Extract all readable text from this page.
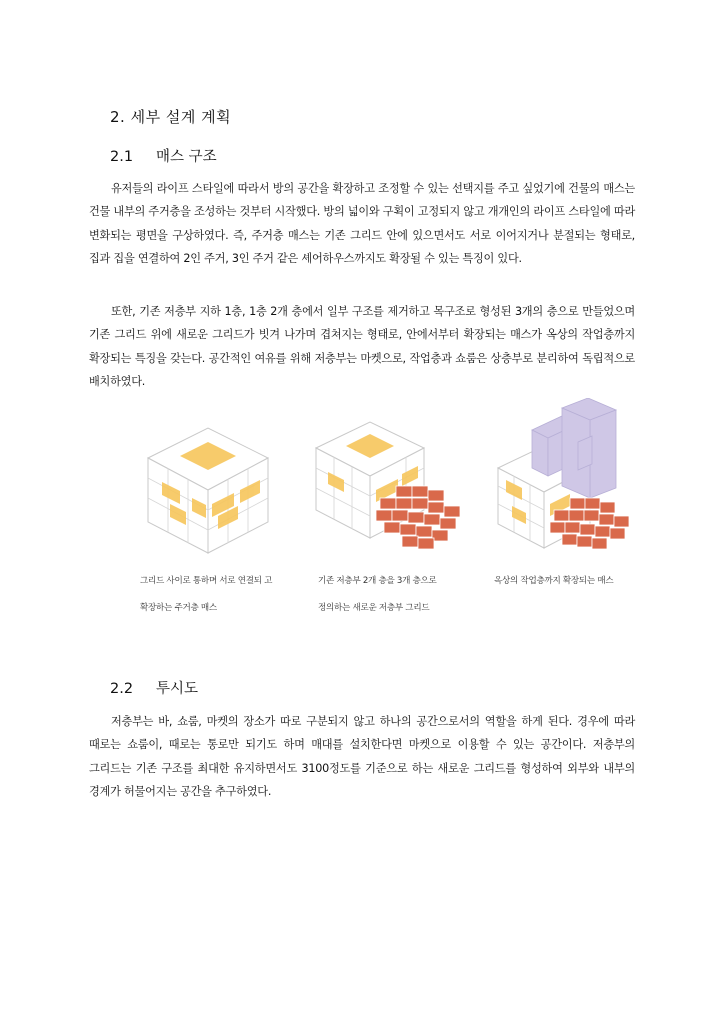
2. 세부 설계 계획
2.1 매스 구조

유저들의 라이프 스타일에 따라서 방의 공간을 확장하고 조정할 수 있는 선택지를 주고 싶었기에 건물의 매스는 건물 내부의 주거층을 조성하는 것부터 시작했다. 방의 넓이와 구획이 고정되지 않고 개개인의 라이프 스타일에 따라 변화되는 평면을 구상하였다. 즉, 주거층 매스는 기존 그리드 안에 있으면서도 서로 이어지거나 분절되는 형태로, 집과 집을 연결하여 2인 주거, 3인 주거 같은 셰어하우스까지도 확장될 수 있는 특징이 있다.

또한, 기존 저층부 지하 1층, 1층 2개 층에서 일부 구조를 제거하고 목구조로 형성된 3개의 층으로 만들었으며 기존 그리드 위에 새로운 그리드가 빗겨 나가며 겹쳐지는 형태로, 안에서부터 확장되는 매스가 옥상의 작업층까지 확장되는 특징을 갖는다. 공간적인 여유를 위해 저층부는 마켓으로, 작업층과 쇼룸은 상층부로 분리하여 독립적으로 배치하였다.

그리드 사이로 통하며 서로 연결되 고
확장하는 주거층 매스
기존 저층부 2개 층을 3개 층으로
정의하는 새로운 저층부 그리드
옥상의 작업층까지 확장되는 매스
2.2 투시도

저층부는 바, 쇼룸, 마켓의 장소가 따로 구분되지 않고 하나의 공간으로서의 역할을 하게 된다. 경우에 따라 때로는 쇼룸이, 때로는 통로만 되기도 하며 매대를 설치한다면 마켓으로 이용할 수 있는 공간이다. 저층부의 그리드는 기존 구조를 최대한 유지하면서도 3100정도를 기준으로 하는 새로운 그리드를 형성하여 외부와 내부의 경계가 허물어지는 공간을 추구하였다.
